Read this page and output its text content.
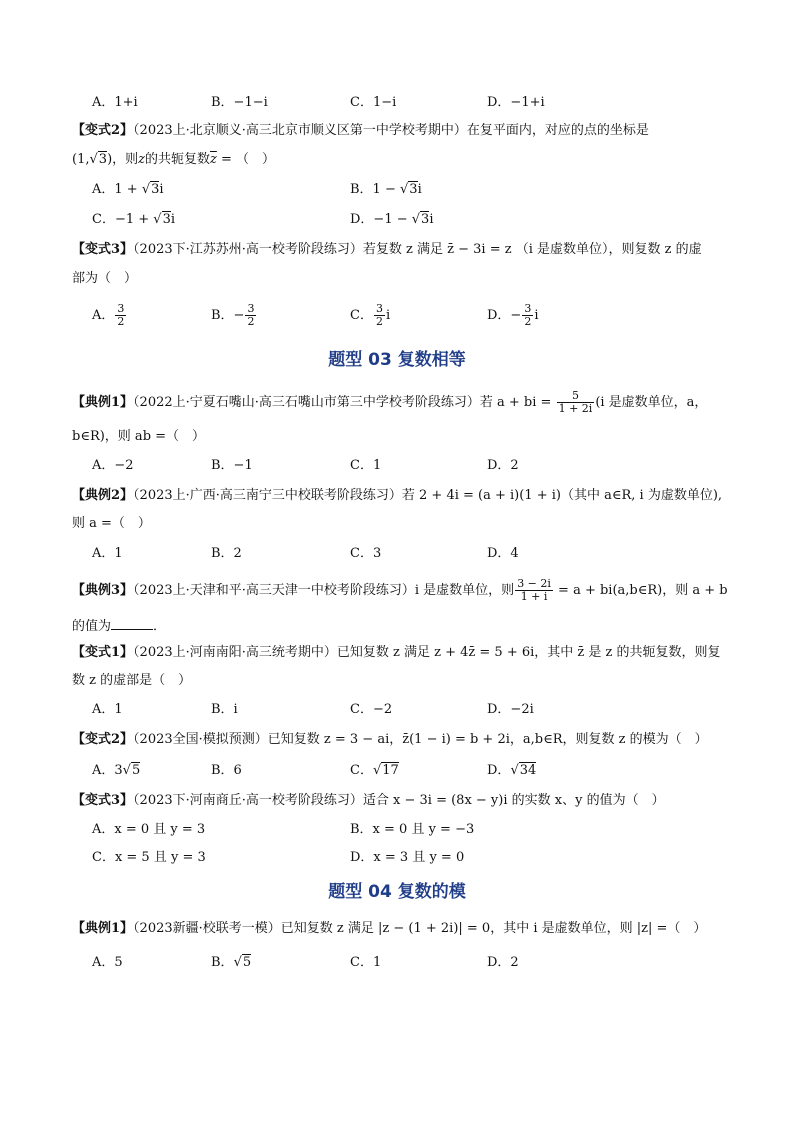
A．1+i	B．−1−i	C．1−i	D．−1+i
【变式2】（2023上·北京顺义·高三北京市顺义区第一中学校考期中）在复平面内，对应的点的坐标是
(1,√3)，则z的共轭复数$\overline{z}$ = （　）
A．1 + √3i	B．1 − √3i
C．−1 + √3i	D．−1 − √3i
【变式3】（2023下·江苏苏州·高一校考阶段练习）若复数 z 满足 z̄ − 3i = z （i 是虚数单位），则复数 z 的虚
部为（　）
A． $\frac{3}{2}$	B．− $\frac{3}{2}$	C． $\frac{3}{2}$ i	D．− $\frac{3}{2}$ i
题型 03 复数相等
【典例1】（2022上·宁夏石嘴山·高三石嘴山市第三中学校考阶段练习）若 a + bi = $\frac{5}{1 + 2i} (i$ 是虚数单位，a，
b∈R)，则 ab =（　）
A．−2	B．−1	C．1	D．2
【典例2】（2023上·广西·高三南宁三中校联考阶段练习）若 2 + 4i = (a + i)(1 + i)（其中 a∈R, i 为虚数单位),
则 a =（　）
A．1	B．2	C．3	D．4
【典例3】（2023上·天津和平·高三天津一中校考阶段练习）i 是虚数单位，则 $\frac{3 - 2i}{1 + i} = a$ + bi(a,b∈R)，则 a + b
的值为	．
【变式1】（2023上·河南南阳·高三统考期中）已知复数 z 满足 z + 4z̄ = 5 + 6i，其中 z̄ 是 z 的共轭复数，则复
数 z 的虚部是（　）
A．1	B．i	C．−2	D．−2i
【变式2】（2023全国·模拟预测）已知复数 z = 3 − ai，z̄(1 − i) = b + 2i，a,b∈R，则复数 z 的模为（　）
A．3√5	B．6	C．√17	D．√34
【变式3】（2023下·河南商丘·高一校考阶段练习）适合 x − 3i = (8x − y)i 的实数 x、y 的值为（　）
A．x = 0 且 y = 3	B．x = 0 且 y = −3
C．x = 5 且 y = 3	D．x = 3 且 y = 0
题型 04 复数的模
【典例1】（2023新疆·校联考一模）已知复数 z 满足 |z − (1 + 2i)| = 0，其中 i 是虚数单位，则 |z| =（　）
A．5	B．√5	C．1	D．2
